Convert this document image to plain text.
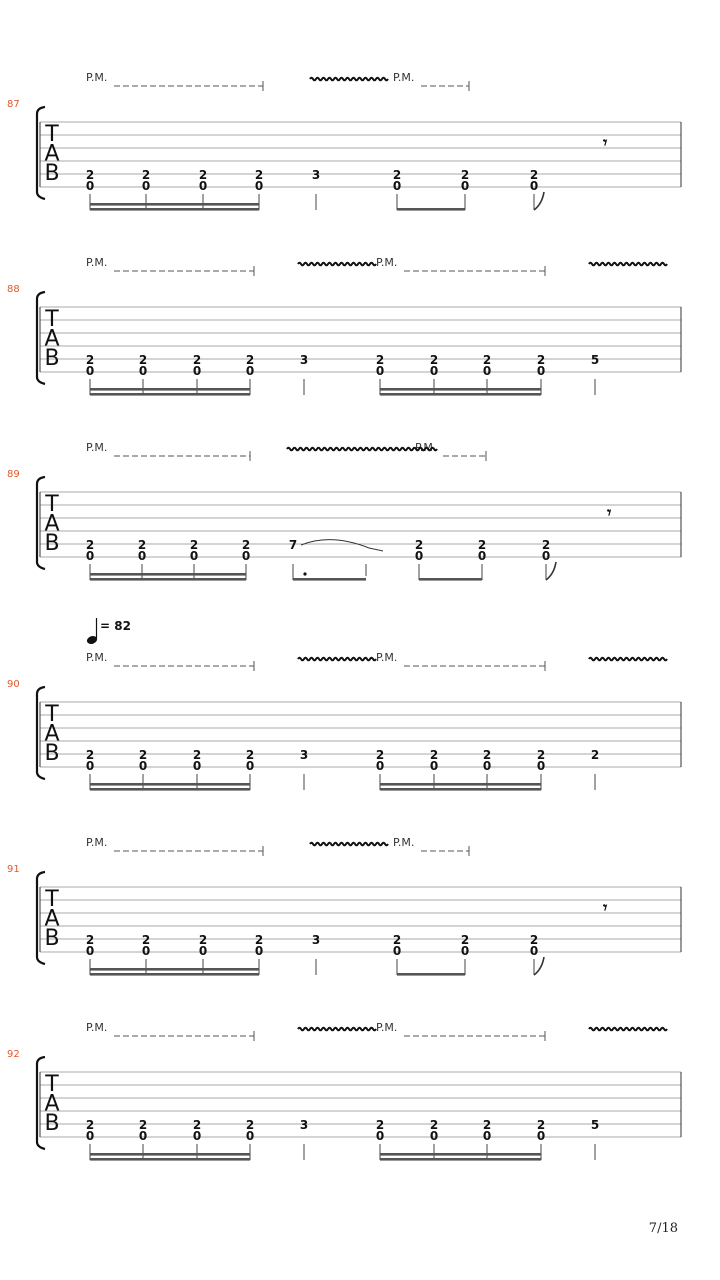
P.M.	P.M.
87
T
A
B 2
0
2
0
2
0
2
0
3	2
0
2
0
2
0
𝄾
P.M.	P.M.
88
T
A
B 2
0
2
0
2
0
2
0
3	2
0
2
0
2
0
2
0
5
P.M.	P.M.
89
T
A
B 2
0
2
0
2
0
2
0
7	2
0
2
0
2
0
𝄾
P.M.	P.M.
90
T
A
B 2
0
2
0
2
0
2
0
3	2
0
2
0
2
0
2
0
2
P.M.	P.M.
91
T
A
B 2
0
2
0
2
0
2
0
3	2
0
2
0
2
0
𝄾
P.M.	P.M.
92
T
A
B 2
0
2
0
2
0
2
0
3	2
0
2
0
2
0
2
0
5
= 82
7/18
